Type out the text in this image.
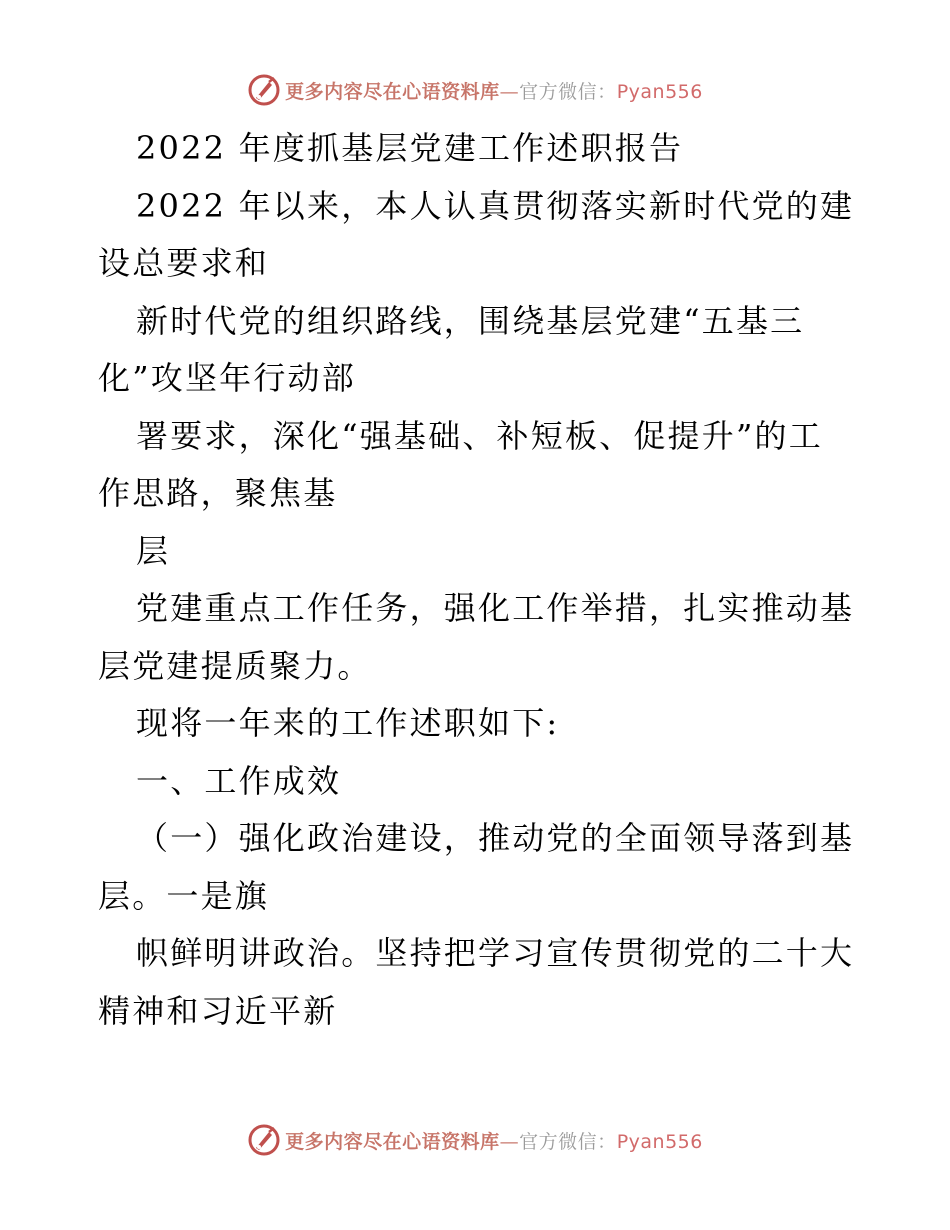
更多内容尽在心语资料库—官方微信：Pyan556
2022 年度抓基层党建工作述职报告
2022 年以来，本人认真贯彻落实新时代党的建
设总要求和
新时代党的组织路线，围绕基层党建“五基三
化”攻坚年行动部
署要求，深化“强基础、补短板、促提升”的工
作思路，聚焦基
层
党建重点工作任务，强化工作举措，扎实推动基
层党建提质聚力。
现将一年来的工作述职如下:
一、工作成效
（一）强化政治建设，推动党的全面领导落到基
层。一是旗
帜鲜明讲政治。坚持把学习宣传贯彻党的二十大
精神和习近平新
更多内容尽在心语资料库—官方微信：Pyan556
